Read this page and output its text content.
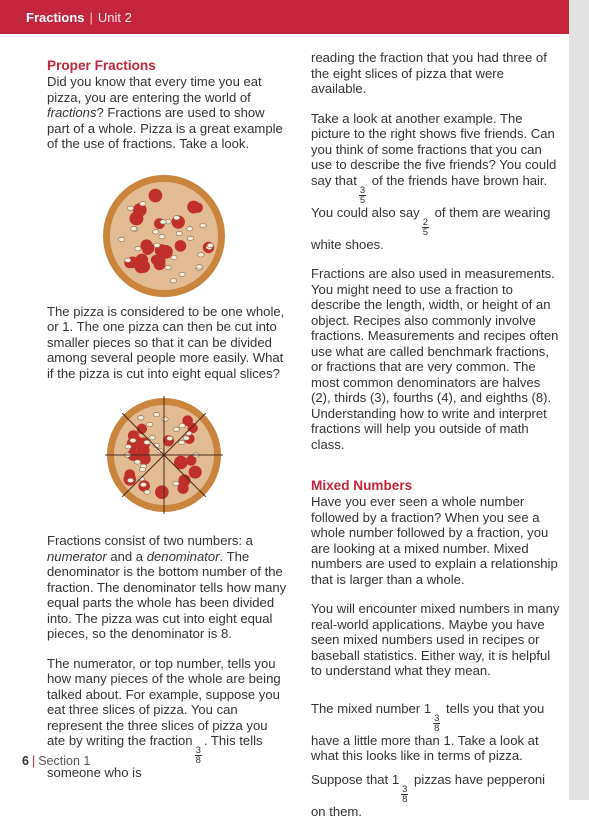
Fractions | Unit 2
Proper Fractions

Did you know that every time you eat pizza, you are entering the world of fractions? Fractions are used to show part of a whole. Pizza is a great example of the use of fractions. Take a look.

The pizza is considered to be one whole, or 1. The one pizza can then be cut into smaller pieces so that it can be divided among several people more easily. What if the pizza is cut into eight equal slices?

Fractions consist of two numbers: a numerator and a denominator. The denominator is the bottom number of the fraction. The denominator tells how many equal parts the whole has been divided into. The pizza was cut into eight equal pieces, so the denominator is 8.

The numerator, or top number, tells you how many pieces of the whole are being talked about. For example, suppose you eat three slices of pizza. You can represent the three slices of pizza you ate by writing the fraction
$\frac{3}{8}$
. This tells someone who is

reading the fraction that you had three of the eight slices of pizza that were available.

Take a look at another example. The picture to the right shows five friends. Can you think of some fractions that you can use to describe the five friends? You could say that
$\frac{3}{5}$
of the friends have brown hair. You could also say
$\frac{2}{5}$
of them are wearing white shoes.

Fractions are also used in measurements. You might need to use a fraction to describe the length, width, or height of an object. Recipes also commonly involve fractions. Measurements and recipes often use what are called benchmark fractions, or fractions that are very common. The most common denominators are halves (2), thirds (3), fourths (4), and eighths (8). Understanding how to write and interpret fractions will help you outside of math class.

Mixed Numbers

Have you ever seen a whole number followed by a fraction? When you see a whole number followed by a fraction, you are looking at a mixed number. Mixed numbers are used to explain a relationship that is larger than a whole.

You will encounter mixed numbers in many real-world applications. Maybe you have seen mixed numbers used in recipes or baseball statistics. Either way, it is helpful to understand what they mean.

The mixed number 1
$\frac{3}{8}$
tells you that you have a little more than 1. Take a look at what this looks like in terms of pizza.

Suppose that 1
$\frac{3}{8}$
pizzas have pepperoni on them.

6 | Section 1
